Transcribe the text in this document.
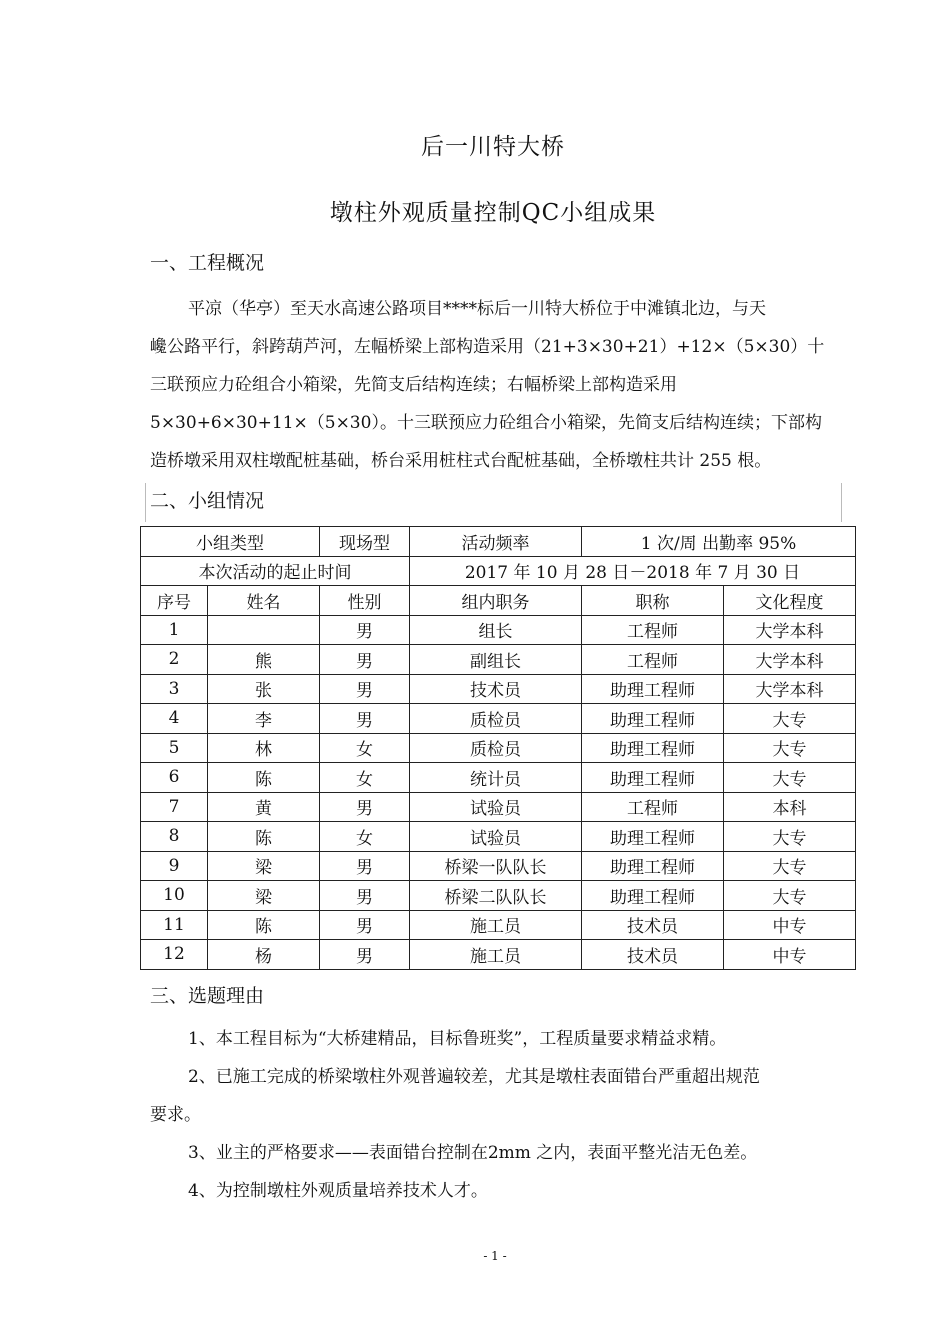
后一川特大桥
墩柱外观质量控制QC小组成果
一、工程概况
平凉（华亭）至天水高速公路项目****标后一川特大桥位于中滩镇北边，与天
巉公路平行，斜跨葫芦河，左幅桥梁上部构造采用（21+3×30+21）+12×（5×30）十
三联预应力砼组合小箱梁，先简支后结构连续；右幅桥梁上部构造采用
5×30+6×30+11×（5×30）。十三联预应力砼组合小箱梁，先简支后结构连续；下部构
造桥墩采用双柱墩配桩基础，桥台采用桩柱式台配桩基础，全桥墩柱共计 255 根。
二、小组情况
小组类型		现场型	活动频率	1 次/周 出勤率 95%	
本次活动的起止时间			2017 年 10 月 28 日－2018 年 7 月 30 日		
序号	姓名	性别	组内职务	职称	文化程度
1		男	组长	工程师	大学本科
2	熊	男	副组长	工程师	大学本科
3	张	男	技术员	助理工程师	大学本科
4	李	男	质检员	助理工程师	大专
5	林	女	质检员	助理工程师	大专
6	陈	女	统计员	助理工程师	大专
7	黄	男	试验员	工程师	本科
8	陈	女	试验员	助理工程师	大专
9	梁	男	桥梁一队队长	助理工程师	大专
10	梁	男	桥梁二队队长	助理工程师	大专
11	陈	男	施工员	技术员	中专
12	杨	男	施工员	技术员	中专
三、选题理由
1、本工程目标为“大桥建精品，目标鲁班奖”，工程质量要求精益求精。
2、已施工完成的桥梁墩柱外观普遍较差，尤其是墩柱表面错台严重超出规范
要求。
3、业主的严格要求——表面错台控制在2mm 之内，表面平整光洁无色差。
4、为控制墩柱外观质量培养技术人才。
- 1 -
